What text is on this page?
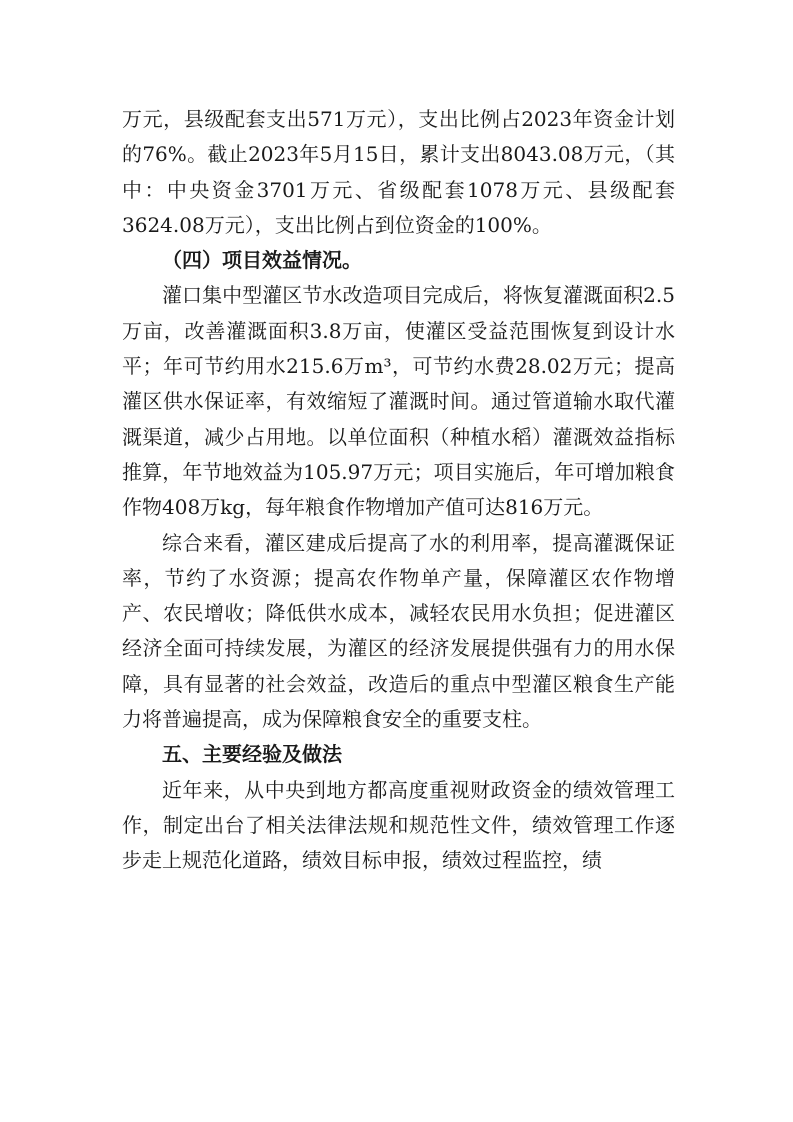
万元，县级配套支出571万元），支出比例占2023年资金计划的76%。截止2023年5月15日，累计支出8043.08万元，（其中：中央资金3701万元、省级配套1078万元、县级配套3624.08万元），支出比例占到位资金的100%。

（四）项目效益情况。

灌口集中型灌区节水改造项目完成后，将恢复灌溉面积2.5万亩，改善灌溉面积3.8万亩，使灌区受益范围恢复到设计水平；年可节约用水215.6万m³，可节约水费28.02万元；提高灌区供水保证率，有效缩短了灌溉时间。通过管道输水取代灌溉渠道，减少占用地。以单位面积（种植水稻）灌溉效益指标推算，年节地效益为105.97万元；项目实施后，年可增加粮食作物408万kg，每年粮食作物增加产值可达816万元。

综合来看，灌区建成后提高了水的利用率，提高灌溉保证率，节约了水资源；提高农作物单产量，保障灌区农作物增产、农民增收；降低供水成本，减轻农民用水负担；促进灌区经济全面可持续发展，为灌区的经济发展提供强有力的用水保障，具有显著的社会效益，改造后的重点中型灌区粮食生产能力将普遍提高，成为保障粮食安全的重要支柱。

五、主要经验及做法

近年来，从中央到地方都高度重视财政资金的绩效管理工作，制定出台了相关法律法规和规范性文件，绩效管理工作逐步走上规范化道路，绩效目标申报，绩效过程监控，绩
